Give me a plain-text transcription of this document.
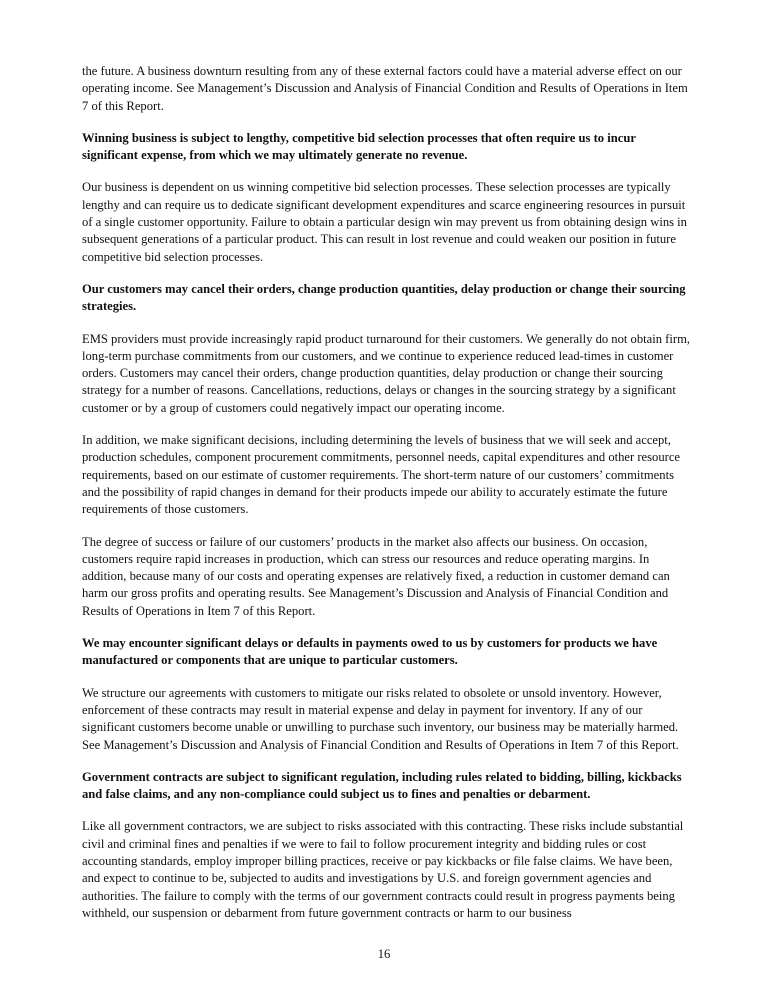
the future. A business downturn resulting from any of these external factors could have a material adverse effect on our operating income. See Management’s Discussion and Analysis of Financial Condition and Results of Operations in Item 7 of this Report.

Winning business is subject to lengthy, competitive bid selection processes that often require us to incur significant expense, from which we may ultimately generate no revenue.

Our business is dependent on us winning competitive bid selection processes. These selection processes are typically lengthy and can require us to dedicate significant development expenditures and scarce engineering resources in pursuit of a single customer opportunity. Failure to obtain a particular design win may prevent us from obtaining design wins in subsequent generations of a particular product. This can result in lost revenue and could weaken our position in future competitive bid selection processes.

Our customers may cancel their orders, change production quantities, delay production or change their sourcing strategies.

EMS providers must provide increasingly rapid product turnaround for their customers. We generally do not obtain firm, long-term purchase commitments from our customers, and we continue to experience reduced lead-times in customer orders. Customers may cancel their orders, change production quantities, delay production or change their sourcing strategy for a number of reasons. Cancellations, reductions, delays or changes in the sourcing strategy by a significant customer or by a group of customers could negatively impact our operating income.

In addition, we make significant decisions, including determining the levels of business that we will seek and accept, production schedules, component procurement commitments, personnel needs, capital expenditures and other resource requirements, based on our estimate of customer requirements. The short-term nature of our customers’ commitments and the possibility of rapid changes in demand for their products impede our ability to accurately estimate the future requirements of those customers.

The degree of success or failure of our customers’ products in the market also affects our business. On occasion, customers require rapid increases in production, which can stress our resources and reduce operating margins. In addition, because many of our costs and operating expenses are relatively fixed, a reduction in customer demand can harm our gross profits and operating results. See Management’s Discussion and Analysis of Financial Condition and Results of Operations in Item 7 of this Report.

We may encounter significant delays or defaults in payments owed to us by customers for products we have manufactured or components that are unique to particular customers.

We structure our agreements with customers to mitigate our risks related to obsolete or unsold inventory. However, enforcement of these contracts may result in material expense and delay in payment for inventory. If any of our significant customers become unable or unwilling to purchase such inventory, our business may be materially harmed. See Management’s Discussion and Analysis of Financial Condition and Results of Operations in Item 7 of this Report.

Government contracts are subject to significant regulation, including rules related to bidding, billing, kickbacks and false claims, and any non-compliance could subject us to fines and penalties or debarment.

Like all government contractors, we are subject to risks associated with this contracting. These risks include substantial civil and criminal fines and penalties if we were to fail to follow procurement integrity and bidding rules or cost accounting standards, employ improper billing practices, receive or pay kickbacks or file false claims. We have been, and expect to continue to be, subjected to audits and investigations by U.S. and foreign government agencies and authorities. The failure to comply with the terms of our government contracts could result in progress payments being withheld, our suspension or debarment from future government contracts or harm to our business

16
